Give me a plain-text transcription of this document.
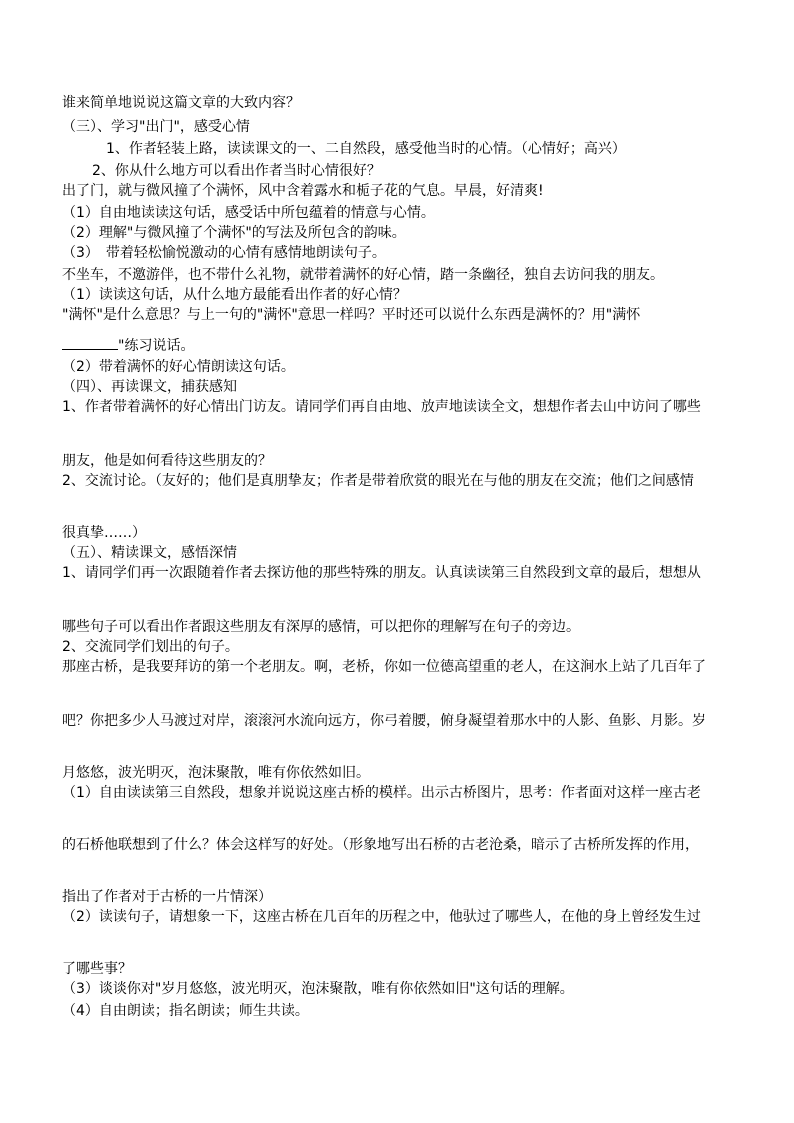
谁来简单地说说这篇文章的大致内容？
（三）、学习"出门"，感受心情
1、作者轻装上路，读读课文的一、二自然段，感受他当时的心情。（心情好；高兴）
2、你从什么地方可以看出作者当时心情很好？
出了门，就与微风撞了个满怀，风中含着露水和栀子花的气息。早晨，好清爽!
（1）自由地读读这句话，感受话中所包蕴着的情意与心情。
（2）理解"与微风撞了个满怀"的写法及所包含的韵味。
（3）　带着轻松愉悦激动的心情有感情地朗读句子。
不坐车，不邀游伴，也不带什么礼物，就带着满怀的好心情，踏一条幽径，独自去访问我的朋友。
（1）读读这句话，从什么地方最能看出作者的好心情？
"满怀"是什么意思？与上一句的"满怀"意思一样吗？平时还可以说什么东西是满怀的？用"满怀
"练习说话。
（2）带着满怀的好心情朗读这句话。
（四）、再读课文，捕获感知
1、作者带着满怀的好心情出门访友。请同学们再自由地、放声地读读全文，想想作者去山中访问了哪些
朋友，他是如何看待这些朋友的？
2、交流讨论。（友好的；他们是真朋挚友；作者是带着欣赏的眼光在与他的朋友在交流；他们之间感情
很真挚……）
（五）、精读课文，感悟深情
1、请同学们再一次跟随着作者去探访他的那些特殊的朋友。认真读读第三自然段到文章的最后，想想从
哪些句子可以看出作者跟这些朋友有深厚的感情，可以把你的理解写在句子的旁边。
2、交流同学们划出的句子。
那座古桥，是我要拜访的第一个老朋友。啊，老桥，你如一位德高望重的老人，在这涧水上站了几百年了
吧？你把多少人马渡过对岸，滚滚河水流向远方，你弓着腰，俯身凝望着那水中的人影、鱼影、月影。岁
月悠悠，波光明灭，泡沫聚散，唯有你依然如旧。
（1）自由读读第三自然段，想象并说说这座古桥的模样。出示古桥图片，思考：作者面对这样一座古老
的石桥他联想到了什么？体会这样写的好处。（形象地写出石桥的古老沧桑，暗示了古桥所发挥的作用，
指出了作者对于古桥的一片情深）
（2）读读句子，请想象一下，这座古桥在几百年的历程之中，他驮过了哪些人，在他的身上曾经发生过
了哪些事？
（3）谈谈你对"岁月悠悠，波光明灭，泡沫聚散，唯有你依然如旧"这句话的理解。
（4）自由朗读；指名朗读；师生共读。
